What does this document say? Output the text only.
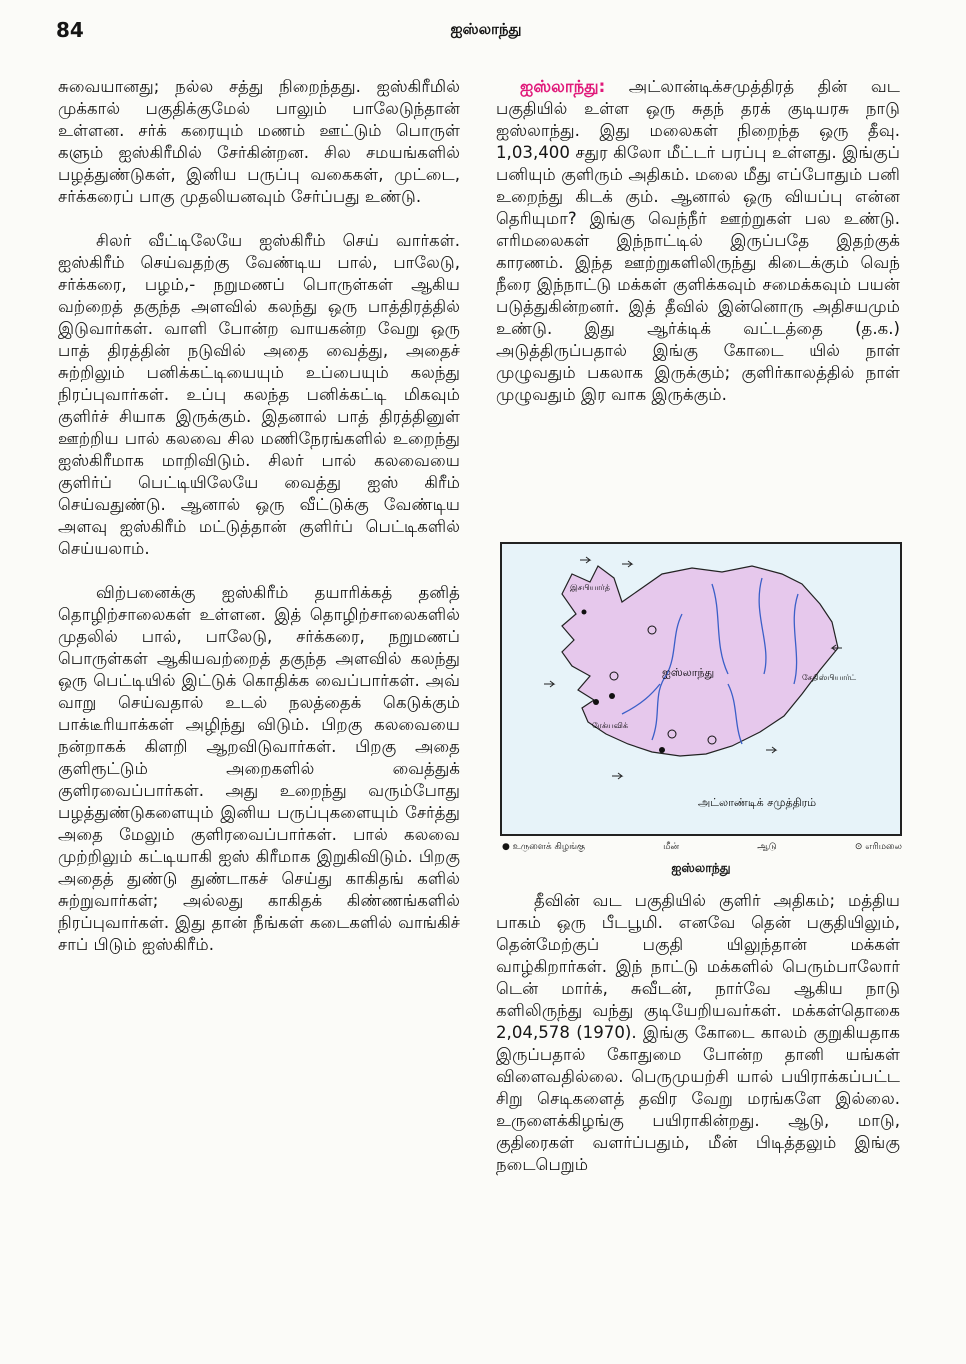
84	ஐஸ்லாந்து

சுவையானது; நல்ல சத்து நிறைந்தது. ஐஸ்கிரீமில் முக்கால் பகுதிக்குமேல் பாலும் பாலேடுந்தான் உள்ளன. சர்க் கரையும் மணம் ஊட்டும் பொருள் களும் ஐஸ்கிரீமில் சேர்கின்றன. சில சமயங்களில் பழத்துண்டுகள், இனிய பருப்பு வகைகள், முட்டை, சர்க்கரைப் பாகு முதலியனவும் சேர்ப்பது உண்டு.

சிலர் வீட்டிலேயே ஐஸ்கிரீம் செய் வார்கள். ஐஸ்கிரீம் செய்வதற்கு வேண்டிய பால், பாலேடு, சர்க்கரை, பழம்,- நறுமணப் பொருள்கள் ஆகிய வற்றைத் தகுந்த அளவில் கலந்து ஒரு பாத்திரத்தில் இடுவார்கள். வாளி போன்ற வாயகன்ற வேறு ஒரு பாத் திரத்தின் நடுவில் அதை வைத்து, அதைச் சுற்றிலும் பனிக்கட்டியையும் உப்பையும் கலந்து நிரப்புவார்கள். உப்பு கலந்த பனிக்கட்டி மிகவும் குளிர்ச் சியாக இருக்கும். இதனால் பாத் திரத்தினுள் ஊற்றிய பால் கலவை சில மணிநேரங்களில் உறைந்து ஐஸ்கிரீமாக மாறிவிடும். சிலர் பால் கலவையை குளிர்ப் பெட்டியிலேயே வைத்து ஐஸ் கிரீம் செய்வதுண்டு. ஆனால் ஒரு வீட்டுக்கு வேண்டிய அளவு ஐஸ்கிரீம் மட்டுத்தான் குளிர்ப் பெட்டிகளில் செய்யலாம்.

விற்பனைக்கு ஐஸ்கிரீம் தயாரிக்கத் தனித் தொழிற்சாலைகள் உள்ளன. இத் தொழிற்சாலைகளில் முதலில் பால், பாலேடு, சர்க்கரை, நறுமணப் பொருள்கள் ஆகியவற்றைத் தகுந்த அளவில் கலந்து ஒரு பெட்டியில் இட்டுக் கொதிக்க வைப்பார்கள். அவ் வாறு செய்வதால் உடல் நலத்தைக் கெடுக்கும் பாக்டீரியாக்கள் அழிந்து விடும். பிறகு கலவையை நன்றாகக் கிளறி ஆறவிடுவார்கள். பிறகு அதை குளிரூட்டும் அறைகளில் வைத்துக் குளிரவைப்பார்கள். அது உறைந்து வரும்போது பழத்துண்டுகளையும் இனிய பருப்புகளையும் சேர்த்து அதை மேலும் குளிரவைப்பார்கள். பால் கலவை முற்றிலும் கட்டியாகி ஐஸ் கிரீமாக இறுகிவிடும். பிறகு அதைத் துண்டு துண்டாகச் செய்து காகிதங் களில் சுற்றுவார்கள்; அல்லது காகிதக் கிண்ணங்களில் நிரப்புவார்கள். இது தான் நீங்கள் கடைகளில் வாங்கிச் சாப் பிடும் ஐஸ்கிரீம்.

ஐஸ்லாந்து: அட்லான்டிக்சமுத்திரத் தின் வட பகுதியில் உள்ள ஒரு சுதந் தரக் குடியரசு நாடு ஐஸ்லாந்து. இது மலைகள் நிறைந்த ஒரு தீவு. 1,03,400 சதுர கிலோ மீட்டர் பரப்பு உள்ளது. இங்குப் பனியும் குளிரும் அதிகம். மலை மீது எப்போதும் பனி உறைந்து கிடக் கும். ஆனால் ஒரு வியப்பு என்ன தெரியுமா? இங்கு வெந்நீர் ஊற்றுகள் பல உண்டு. எரிமலைகள் இந்நாட்டில் இருப்பதே இதற்குக் காரணம். இந்த ஊற்றுகளிலிருந்து கிடைக்கும் வெந் நீரை இந்நாட்டு மக்கள் குளிக்கவும் சமைக்கவும் பயன் படுத்துகின்றனர். இத் தீவில் இன்னொரு அதிசயமும் உண்டு. இது ஆர்க்டிக் வட்டத்தை (த.க.) அடுத்திருப்பதால் இங்கு கோடை யில் நாள் முழுவதும் பகலாக இருக்கும்; குளிர்காலத்தில் நாள் முழுவதும் இர வாக இருக்கும்.

ஐஸ்லாந்து
அட்லாண்டிக் சமுத்திரம்
இசபியார்த்
ரேக்யவிக்
சேதிஸ்பியார்ட்
● உருளைக் கிழங்கு	மீன்	ஆடு	⊙ எரிமலை
ஐஸ்லாந்து

தீவின் வட பகுதியில் குளிர் அதிகம்; மத்திய பாகம் ஒரு பீடபூமி. எனவே தென் பகுதியிலும், தென்மேற்குப் பகுதி யிலுந்தான் மக்கள் வாழ்கிறார்கள். இந் நாட்டு மக்களில் பெரும்பாலோர் டென் மார்க், சுவீடன், நார்வே ஆகிய நாடு களிலிருந்து வந்து குடியேறியவர்கள். மக்கள்தொகை 2,04,578 (1970). இங்கு கோடை காலம் குறுகியதாக இருப்பதால் கோதுமை போன்ற தானி யங்கள் விளைவதில்லை. பெருமுயற்சி யால் பயிராக்கப்பட்ட சிறு செடிகளைத் தவிர வேறு மரங்களே இல்லை. உருளைக்கிழங்கு பயிராகின்றது. ஆடு, மாடு, குதிரைகள் வளர்ப்பதும், மீன் பிடித்தலும் இங்கு நடைபெறும்
